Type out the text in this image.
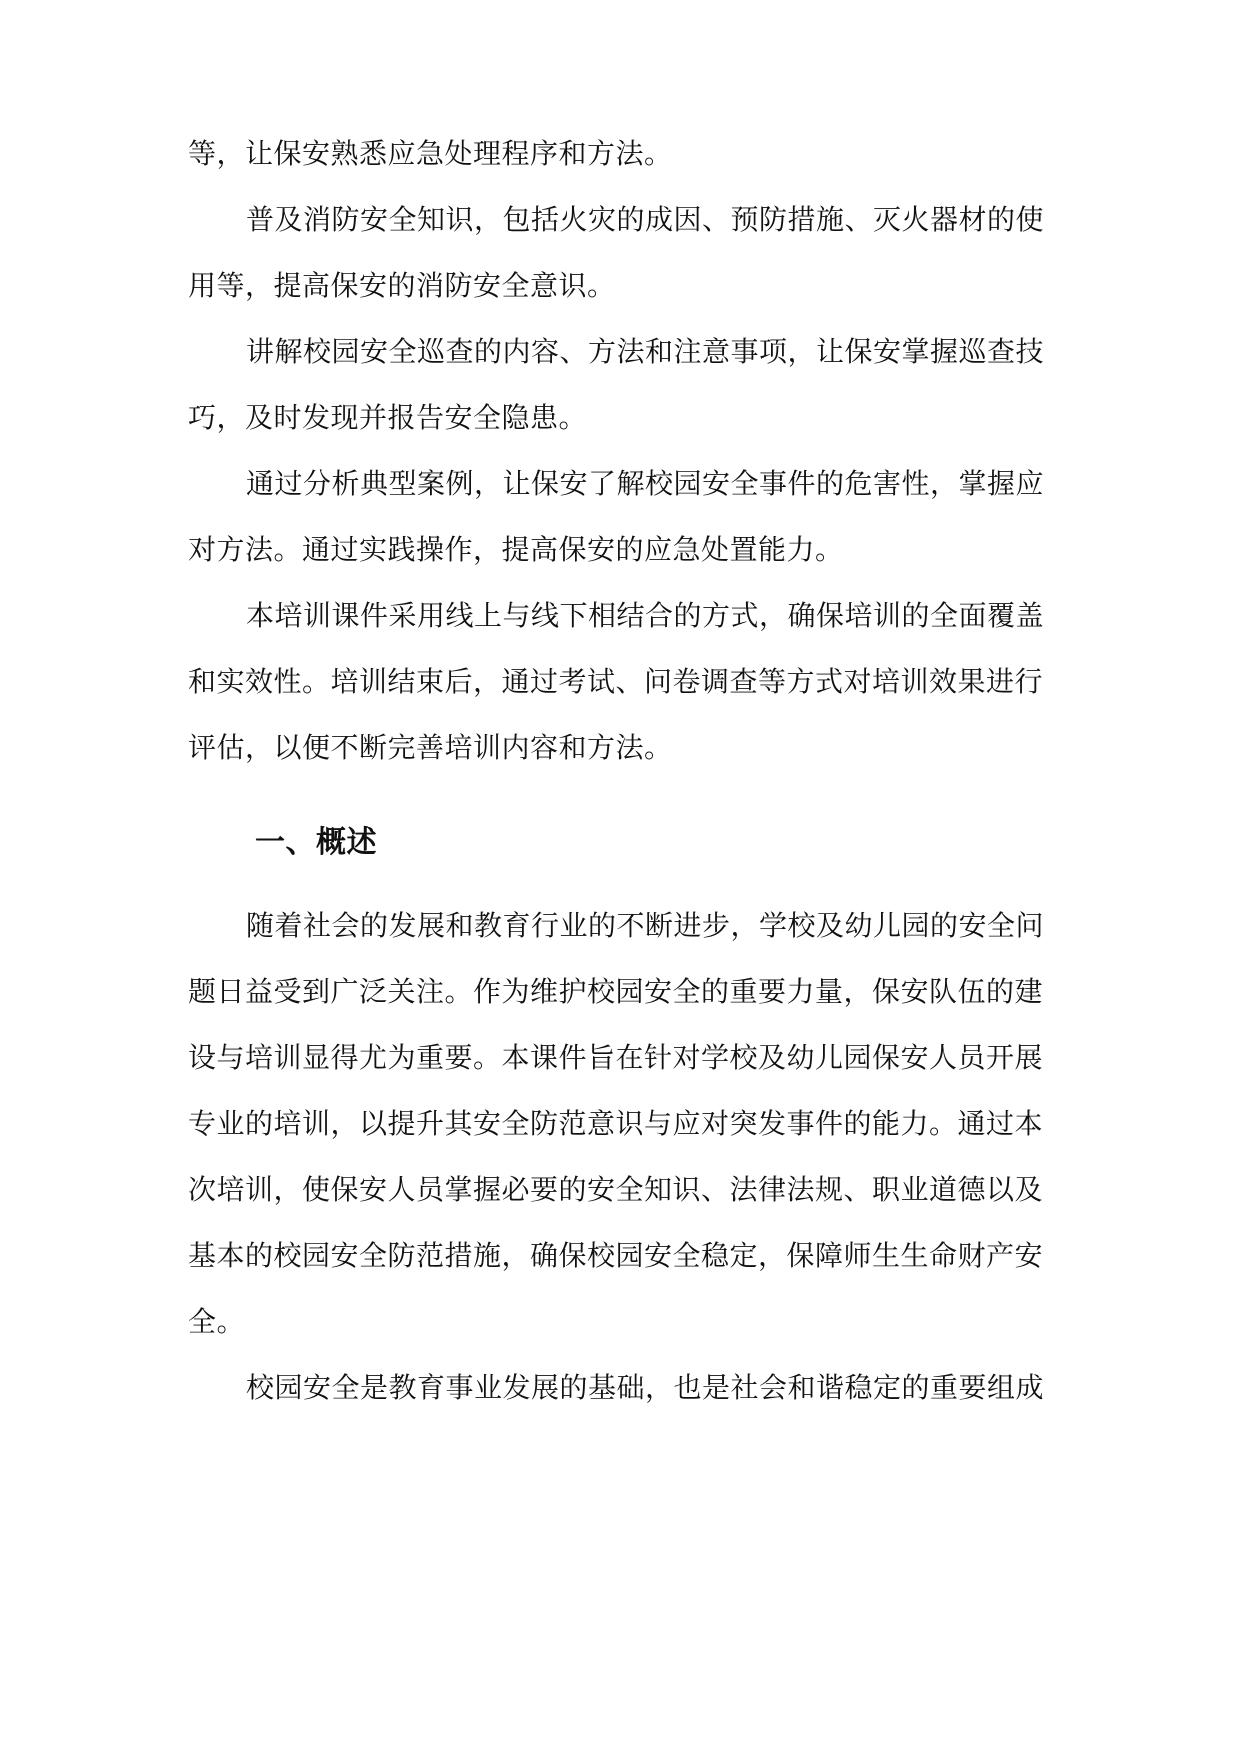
等，让保安熟悉应急处理程序和方法。
普及消防安全知识，包括火灾的成因、预防措施、灭火器材的使
用等，提高保安的消防安全意识。
讲解校园安全巡查的内容、方法和注意事项，让保安掌握巡查技
巧，及时发现并报告安全隐患。
通过分析典型案例，让保安了解校园安全事件的危害性，掌握应
对方法。通过实践操作，提高保安的应急处置能力。
本培训课件采用线上与线下相结合的方式，确保培训的全面覆盖
和实效性。培训结束后，通过考试、问卷调查等方式对培训效果进行
评估，以便不断完善培训内容和方法。
一、概述
随着社会的发展和教育行业的不断进步，学校及幼儿园的安全问
题日益受到广泛关注。作为维护校园安全的重要力量，保安队伍的建
设与培训显得尤为重要。本课件旨在针对学校及幼儿园保安人员开展
专业的培训，以提升其安全防范意识与应对突发事件的能力。通过本
次培训，使保安人员掌握必要的安全知识、法律法规、职业道德以及
基本的校园安全防范措施，确保校园安全稳定，保障师生生命财产安
全。
校园安全是教育事业发展的基础，也是社会和谐稳定的重要组成
